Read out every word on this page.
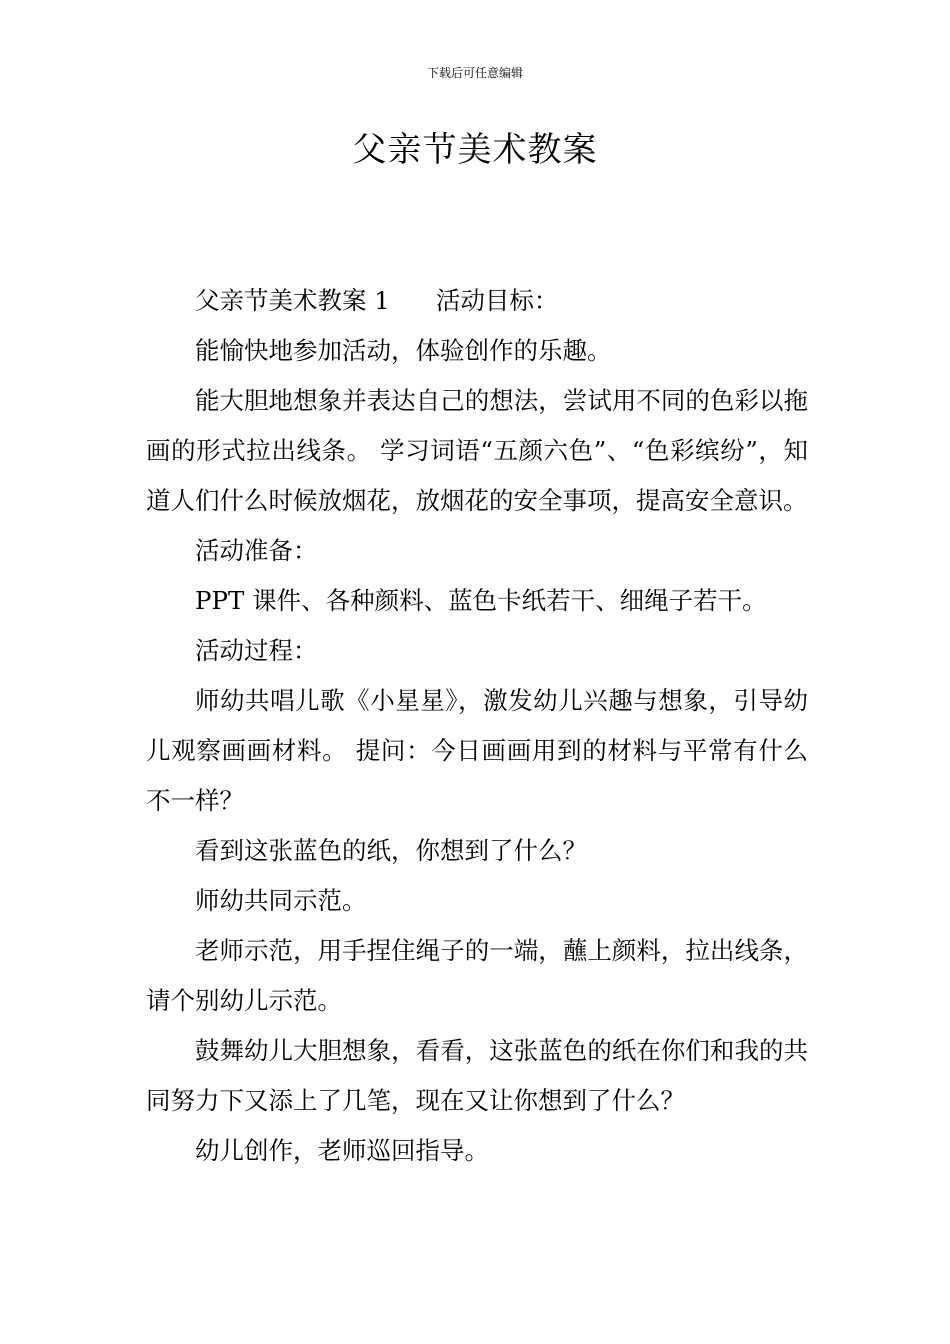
下载后可任意编辑
父亲节美术教案

父亲节美术教案 1 活动目标：

能愉快地参加活动，体验创作的乐趣。

能大胆地想象并表达自己的想法，尝试用不同的色彩以拖画的形式拉出线条。 学习词语“五颜六色”、“色彩缤纷”，知道人们什么时候放烟花，放烟花的安全事项，提高安全意识。

活动准备：

PPT 课件、各种颜料、蓝色卡纸若干、细绳子若干。

活动过程：

师幼共唱儿歌《小星星》，激发幼儿兴趣与想象，引导幼儿观察画画材料。 提问：今日画画用到的材料与平常有什么不一样？

看到这张蓝色的纸，你想到了什么？

师幼共同示范。

老师示范，用手捏住绳子的一端，蘸上颜料，拉出线条，请个别幼儿示范。

鼓舞幼儿大胆想象，看看，这张蓝色的纸在你们和我的共同努力下又添上了几笔，现在又让你想到了什么？

幼儿创作，老师巡回指导。
